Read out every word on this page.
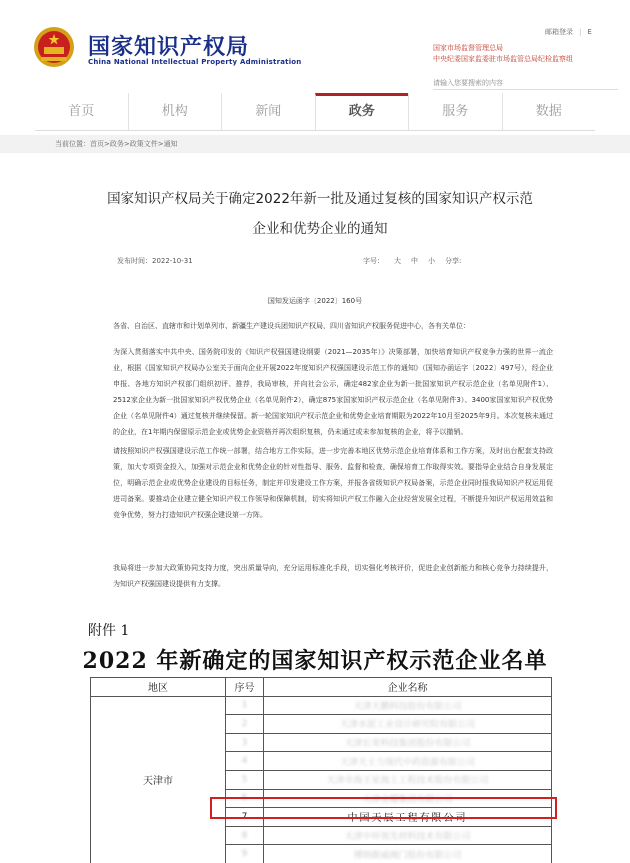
国家知识产权局
China National Intellectual Property Administration
邮箱登录 | E
国家市场监督管理总局
中央纪委国家监委驻市场监管总局纪检监察组
请输入您要搜索的内容
首页	机构	新闻	政务	服务	数据
当前位置：首页>政务>政策文件>通知
国家知识产权局关于确定2022年新一批及通过复核的国家知识产权示范
企业和优势企业的通知
发布时间：2022-10-31	字号： 大 中 小 分享:
国知发运函字〔2022〕160号
各省、自治区、直辖市和计划单列市、新疆生产建设兵团知识产权局，四川省知识产权服务促进中心，各有关单位：
为深入贯彻落实中共中央、国务院印发的《知识产权强国建设纲要（2021—2035年）》决策部署，加快培育知识产权竞争力强的世界一流企业，根据《国家知识产权局办公室关于面向企业开展2022年度知识产权强国建设示范工作的通知》（国知办函运字〔2022〕497号），经企业申报、各地方知识产权部门组织初评、推荐，我局审核，并向社会公示，确定482家企业为新一批国家知识产权示范企业（名单见附件1）、2512家企业为新一批国家知识产权优势企业（名单见附件2），确定875家国家知识产权示范企业（名单见附件3）、3400家国家知识产权优势企业（名单见附件4）通过复核并继续保留。新一轮国家知识产权示范企业和优势企业培育期限为2022年10月至2025年9月。本次复核未通过的企业，在1年期内保留原示范企业或优势企业资格并再次组织复核，仍未通过或未参加复核的企业，将予以撤销。
请按照知识产权强国建设示范工作统一部署，结合地方工作实际，进一步完善本地区优势示范企业培育体系和工作方案，及时出台配套支持政策，加大专项资金投入，加强对示范企业和优势企业的针对性指导、服务、监督和检查，确保培育工作取得实效。要指导企业结合自身发展定位，明确示范企业或优势企业建设的目标任务，制定并印发建设工作方案，并报各省级知识产权局备案，示范企业同时报我局知识产权运用促进司备案。要推动企业建立健全知识产权工作领导和保障机制，切实将知识产权工作融入企业经营发展全过程，不断提升知识产权运用效益和竞争优势，努力打造知识产权强企建设第一方阵。
我局将进一步加大政策协同支持力度，突出质量导向，充分运用标准化手段，切实强化考核评价，促进企业创新能力和核心竞争力持续提升，为知识产权强国建设提供有力支撑。
附件 1
2022 年新确定的国家知识产权示范企业名单
地区	序号	企业名称
天津市	1	天津天鹏科技股份有限公司
	2	天津水泥工业设计研究院有限公司
	3	天津长荣科技集团股份有限公司
	4	天津天士力现代中药资源有限公司
	5	天津市海王星海上工程技术股份有限公司
	6	天津金耀集团有限公司
	7	中国天辰工程有限公司
	8	天津中环领先材料技术有限公司
	9	博纳斯威阀门股份有限公司
